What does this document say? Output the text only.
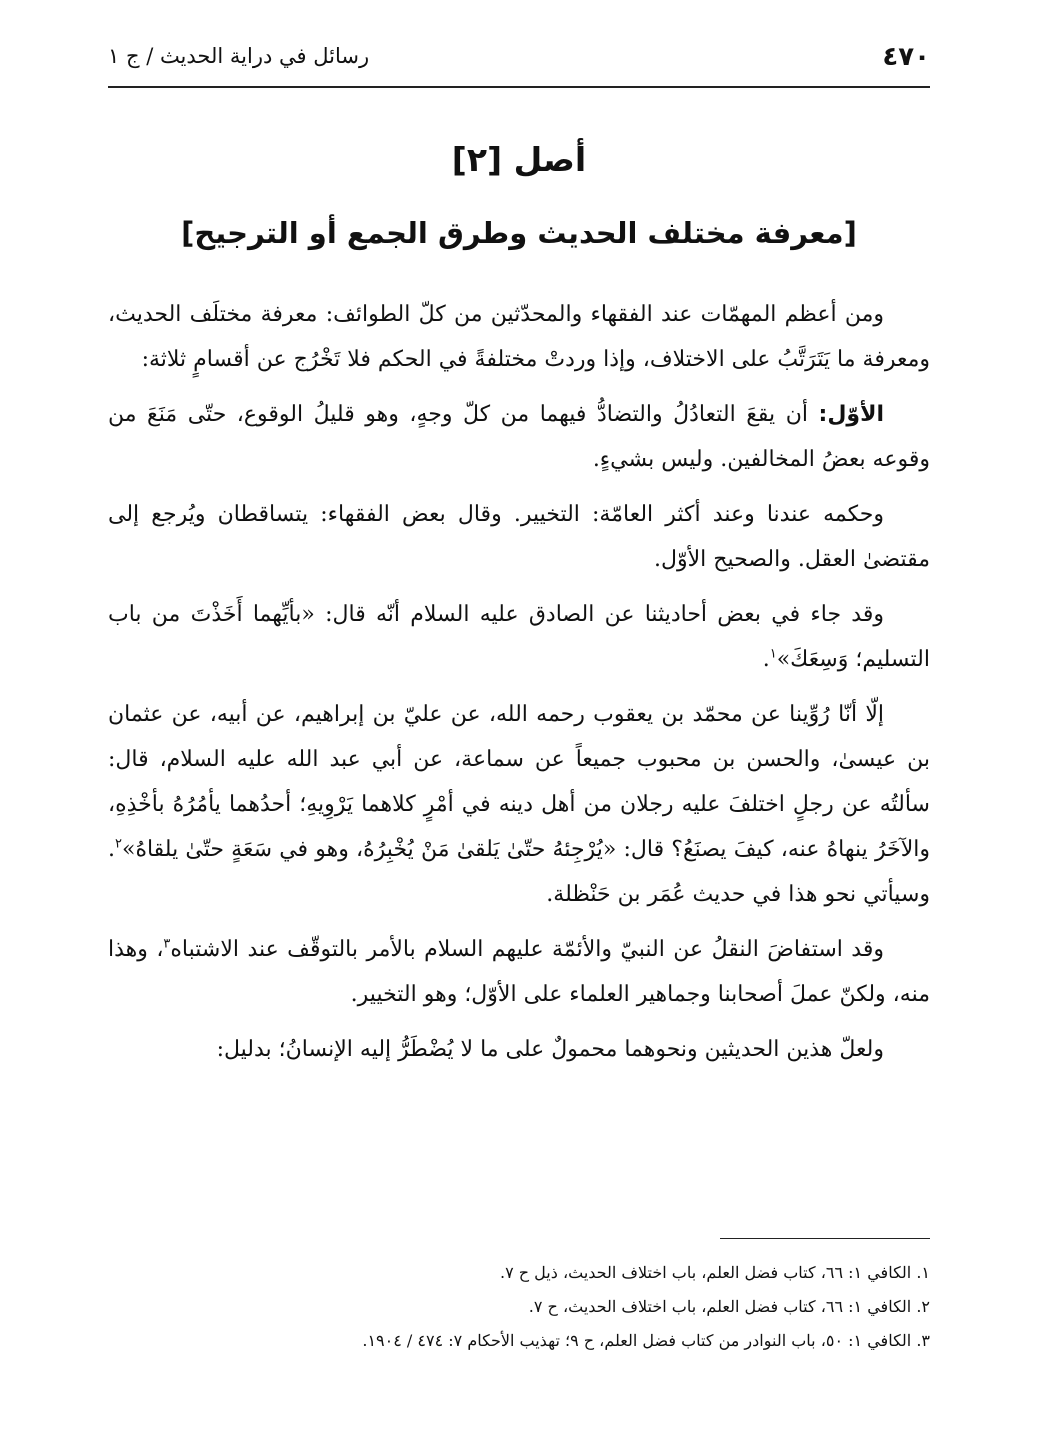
٤٧٠
رسائل في دراية الحديث / ج ١
أصل [٢]
[معرفة مختلف الحديث وطرق الجمع أو الترجيح]

ومن أعظم المهمّات عند الفقهاء والمحدّثين من كلّ الطوائف: معرفة مختلَف الحديث، ومعرفة ما يَتَرَتَّبُ على الاختلاف، وإذا وردتْ مختلفةً في الحكم فلا تَخْرُج عن أقسامٍ ثلاثة:

الأوّل: أن يقعَ التعادُلُ والتضادُّ فيهما من كلّ وجهٍ، وهو قليلُ الوقوع، حتّى مَنَعَ من وقوعه بعضُ المخالفين. وليس بشيءٍ.

وحكمه عندنا وعند أكثر العامّة: التخيير. وقال بعض الفقهاء: يتساقطان ويُرجع إلى مقتضىٰ العقل. والصحيح الأوّل.

وقد جاء في بعض أحاديثنا عن الصادق عليه السلام أنّه قال: «بأيِّهما أَخَذْتَ من باب التسليم؛ وَسِعَكَ»$^١$.

إلّا أنّا رُوِّينا عن محمّد بن يعقوب رحمه الله، عن عليّ بن إبراهيم، عن أبيه، عن عثمان بن عيسىٰ، والحسن بن محبوب جميعاً عن سماعة، عن أبي عبد الله عليه السلام، قال: سألتُه عن رجلٍ اختلفَ عليه رجلان من أهل دينه في أمْرٍ كلاهما يَرْوِيهِ؛ أحدُهما يأمُرُهُ بأخْذِهِ، والآخَرُ ينهاهُ عنه، كيفَ يصنَعُ؟ قال: «يُرْجِئهُ حتّىٰ يَلقىٰ مَنْ يُخْبِرُهُ، وهو في سَعَةٍ حتّىٰ يلقاهُ»$^٢$. وسيأتي نحو هذا في حديث عُمَر بن حَنْظلة.

وقد استفاضَ النقلُ عن النبيّ والأئمّة عليهم السلام بالأمر بالتوقّف عند الاشتباه$^٣$، وهذا منه، ولكنّ عملَ أصحابنا وجماهير العلماء على الأوّل؛ وهو التخيير.

ولعلّ هذين الحديثين ونحوهما محمولٌ على ما لا يُضْطَرُّ إليه الإنسانُ؛ بدليل:

١. الكافي ١: ٦٦، كتاب فضل العلم، باب اختلاف الحديث، ذيل ح ٧.
٢. الكافي ١: ٦٦، كتاب فضل العلم، باب اختلاف الحديث، ح ٧.
٣. الكافي ١: ٥٠، باب النوادر من كتاب فضل العلم، ح ٩؛ تهذيب الأحكام ٧: ٤٧٤ / ١٩٠٤.
